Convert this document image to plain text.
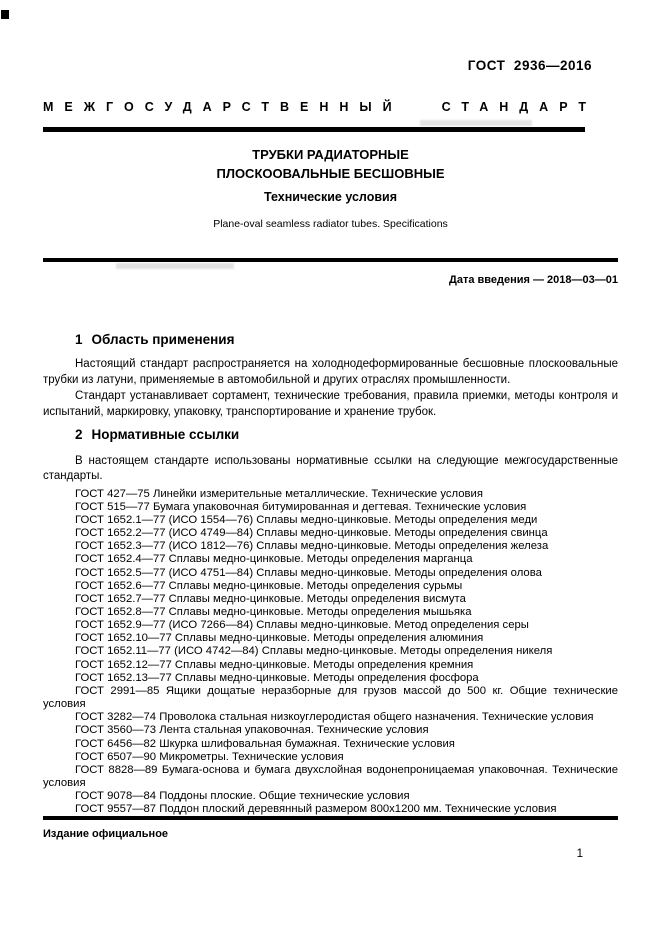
ГОСТ  2936—2016
МЕЖГОСУДАРСТВЕННЫЙ	СТАНДАРТ
ТРУБКИ РАДИАТОРНЫЕ
ПЛОСКООВАЛЬНЫЕ БЕСШОВНЫЕ
Технические условия
Plane-oval seamless radiator tubes. Specifications
Дата введения — 2018—03—01
1 Область применения

Настоящий стандарт распространяется на холоднодеформированные бесшовные плоскоовальные трубки из латуни, применяемые в автомобильной и других отраслях промышленности.

Стандарт устанавливает сортамент, технические требования, правила приемки, методы контроля и испытаний, маркировку, упаковку, транспортирование и хранение трубок.

2 Нормативные ссылки

В настоящем стандарте использованы нормативные ссылки на следующие межгосударственные стандарты.

ГОСТ 427—75 Линейки измерительные металлические. Технические условия

ГОСТ 515—77 Бумага упаковочная битумированная и дегтевая. Технические условия

ГОСТ 1652.1—77 (ИСО 1554—76) Сплавы медно-цинковые. Методы определения меди

ГОСТ 1652.2—77 (ИСО 4749—84) Сплавы медно-цинковые. Методы определения свинца

ГОСТ 1652.3—77 (ИСО 1812—76) Сплавы медно-цинковые. Методы определения железа

ГОСТ 1652.4—77 Сплавы медно-цинковые. Методы определения марганца

ГОСТ 1652.5—77 (ИСО 4751—84) Сплавы медно-цинковые. Методы определения олова

ГОСТ 1652.6—77 Сплавы медно-цинковые. Методы определения сурьмы

ГОСТ 1652.7—77 Сплавы медно-цинковые. Методы определения висмута

ГОСТ 1652.8—77 Сплавы медно-цинковые. Методы определения мышьяка

ГОСТ 1652.9—77 (ИСО 7266—84) Сплавы медно-цинковые. Метод определения серы

ГОСТ 1652.10—77 Сплавы медно-цинковые. Методы определения алюминия

ГОСТ 1652.11—77 (ИСО 4742—84) Сплавы медно-цинковые. Методы определения никеля

ГОСТ 1652.12—77 Сплавы медно-цинковые. Методы определения кремния

ГОСТ 1652.13—77 Сплавы медно-цинковые. Методы определения фосфора

ГОСТ 2991—85 Ящики дощатые неразборные для грузов массой до 500 кг. Общие технические условия

ГОСТ 3282—74 Проволока стальная низкоуглеродистая общего назначения. Технические условия

ГОСТ 3560—73 Лента стальная упаковочная. Технические условия

ГОСТ 6456—82 Шкурка шлифовальная бумажная. Технические условия

ГОСТ 6507—90 Микрометры. Технические условия

ГОСТ 8828—89 Бумага-основа и бумага двухслойная водонепроницаемая упаковочная. Технические условия

ГОСТ 9078—84 Поддоны плоские. Общие технические условия

ГОСТ 9557—87 Поддон плоский деревянный размером 800х1200 мм. Технические условия

Издание официальное
1
